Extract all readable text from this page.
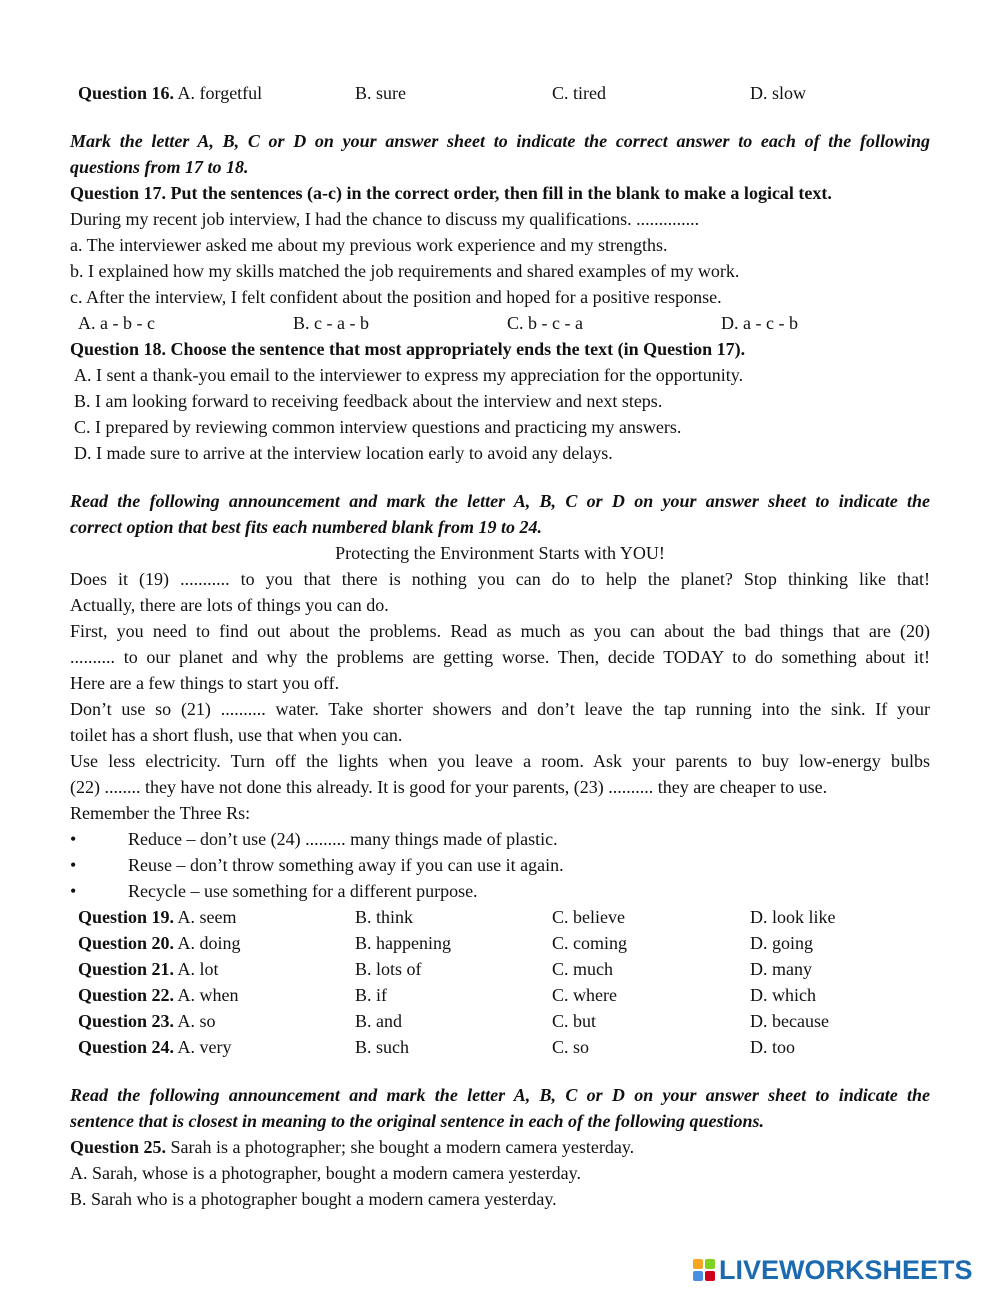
Question 16. A. forgetful	B. sure	C. tired	D. slow
Mark the letter A, B, C or D on your answer sheet to indicate the correct answer to each of the following
questions from 17 to 18.
Question 17. Put the sentences (a-c) in the correct order, then fill in the blank to make a logical text.
During my recent job interview, I had the chance to discuss my qualifications. ..............
a. The interviewer asked me about my previous work experience and my strengths.
b. I explained how my skills matched the job requirements and shared examples of my work.
c. After the interview, I felt confident about the position and hoped for a positive response.
A. a - b - c	B. c - a - b	C. b - c - a	D. a - c - b
Question 18. Choose the sentence that most appropriately ends the text (in Question 17).
A. I sent a thank-you email to the interviewer to express my appreciation for the opportunity.
B. I am looking forward to receiving feedback about the interview and next steps.
C. I prepared by reviewing common interview questions and practicing my answers.
D. I made sure to arrive at the interview location early to avoid any delays.
Read the following announcement and mark the letter A, B, C or D on your answer sheet to indicate the
correct option that best fits each numbered blank from 19 to 24.
Protecting the Environment Starts with YOU!
Does it (19) ........... to you that there is nothing you can do to help the planet? Stop thinking like that!
Actually, there are lots of things you can do.
First, you need to find out about the problems. Read as much as you can about the bad things that are (20)
.......... to our planet and why the problems are getting worse. Then, decide TODAY to do something about it!
Here are a few things to start you off.
Don’t use so (21) .......... water. Take shorter showers and don’t leave the tap running into the sink. If your
toilet has a short flush, use that when you can.
Use less electricity. Turn off the lights when you leave a room. Ask your parents to buy low-energy bulbs
(22) ........ they have not done this already. It is good for your parents, (23) .......... they are cheaper to use.
Remember the Three Rs:
•	Reduce – don’t use (24) ......... many things made of plastic.
•	Reuse – don’t throw something away if you can use it again.
•	Recycle – use something for a different purpose.
Question 19. A. seem	B. think	C. believe	D. look like
Question 20. A. doing	B. happening	C. coming	D. going
Question 21. A. lot	B. lots of	C. much	D. many
Question 22. A. when	B. if	C. where	D. which
Question 23. A. so	B. and	C. but	D. because
Question 24. A. very	B. such	C. so	D. too
Read the following announcement and mark the letter A, B, C or D on your answer sheet to indicate the
sentence that is closest in meaning to the original sentence in each of the following questions.
Question 25. Sarah is a photographer; she bought a modern camera yesterday.
A. Sarah, whose is a photographer, bought a modern camera yesterday.
B. Sarah who is a photographer bought a modern camera yesterday.
LIVEWORKSHEETS
